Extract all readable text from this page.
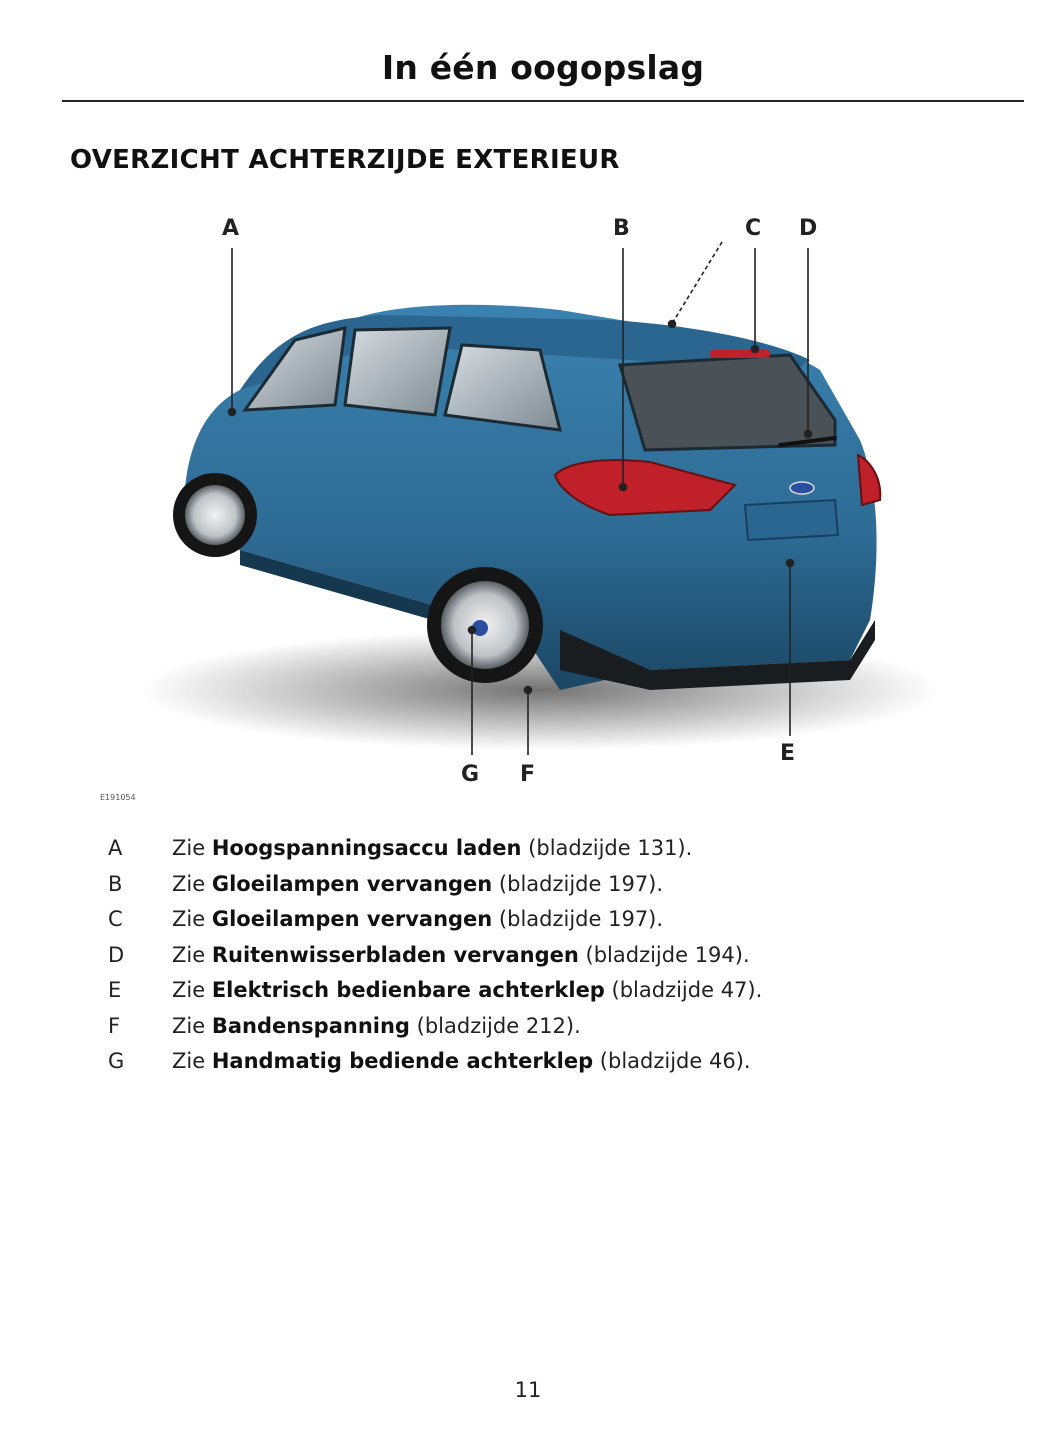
In één oogopslag
OVERZICHT ACHTERZIJDE EXTERIEUR
A	B	C D
E
F
G
E191054
A	Zie Hoogspanningsaccu laden (bladzijde 131).
B	Zie Gloeilampen vervangen (bladzijde 197).
C	Zie Gloeilampen vervangen (bladzijde 197).
D	Zie Ruitenwisserbladen vervangen (bladzijde 194).
E	Zie Elektrisch bedienbare achterklep (bladzijde 47).
F	Zie Bandenspanning (bladzijde 212).
G	Zie Handmatig bediende achterklep (bladzijde 46).
11
